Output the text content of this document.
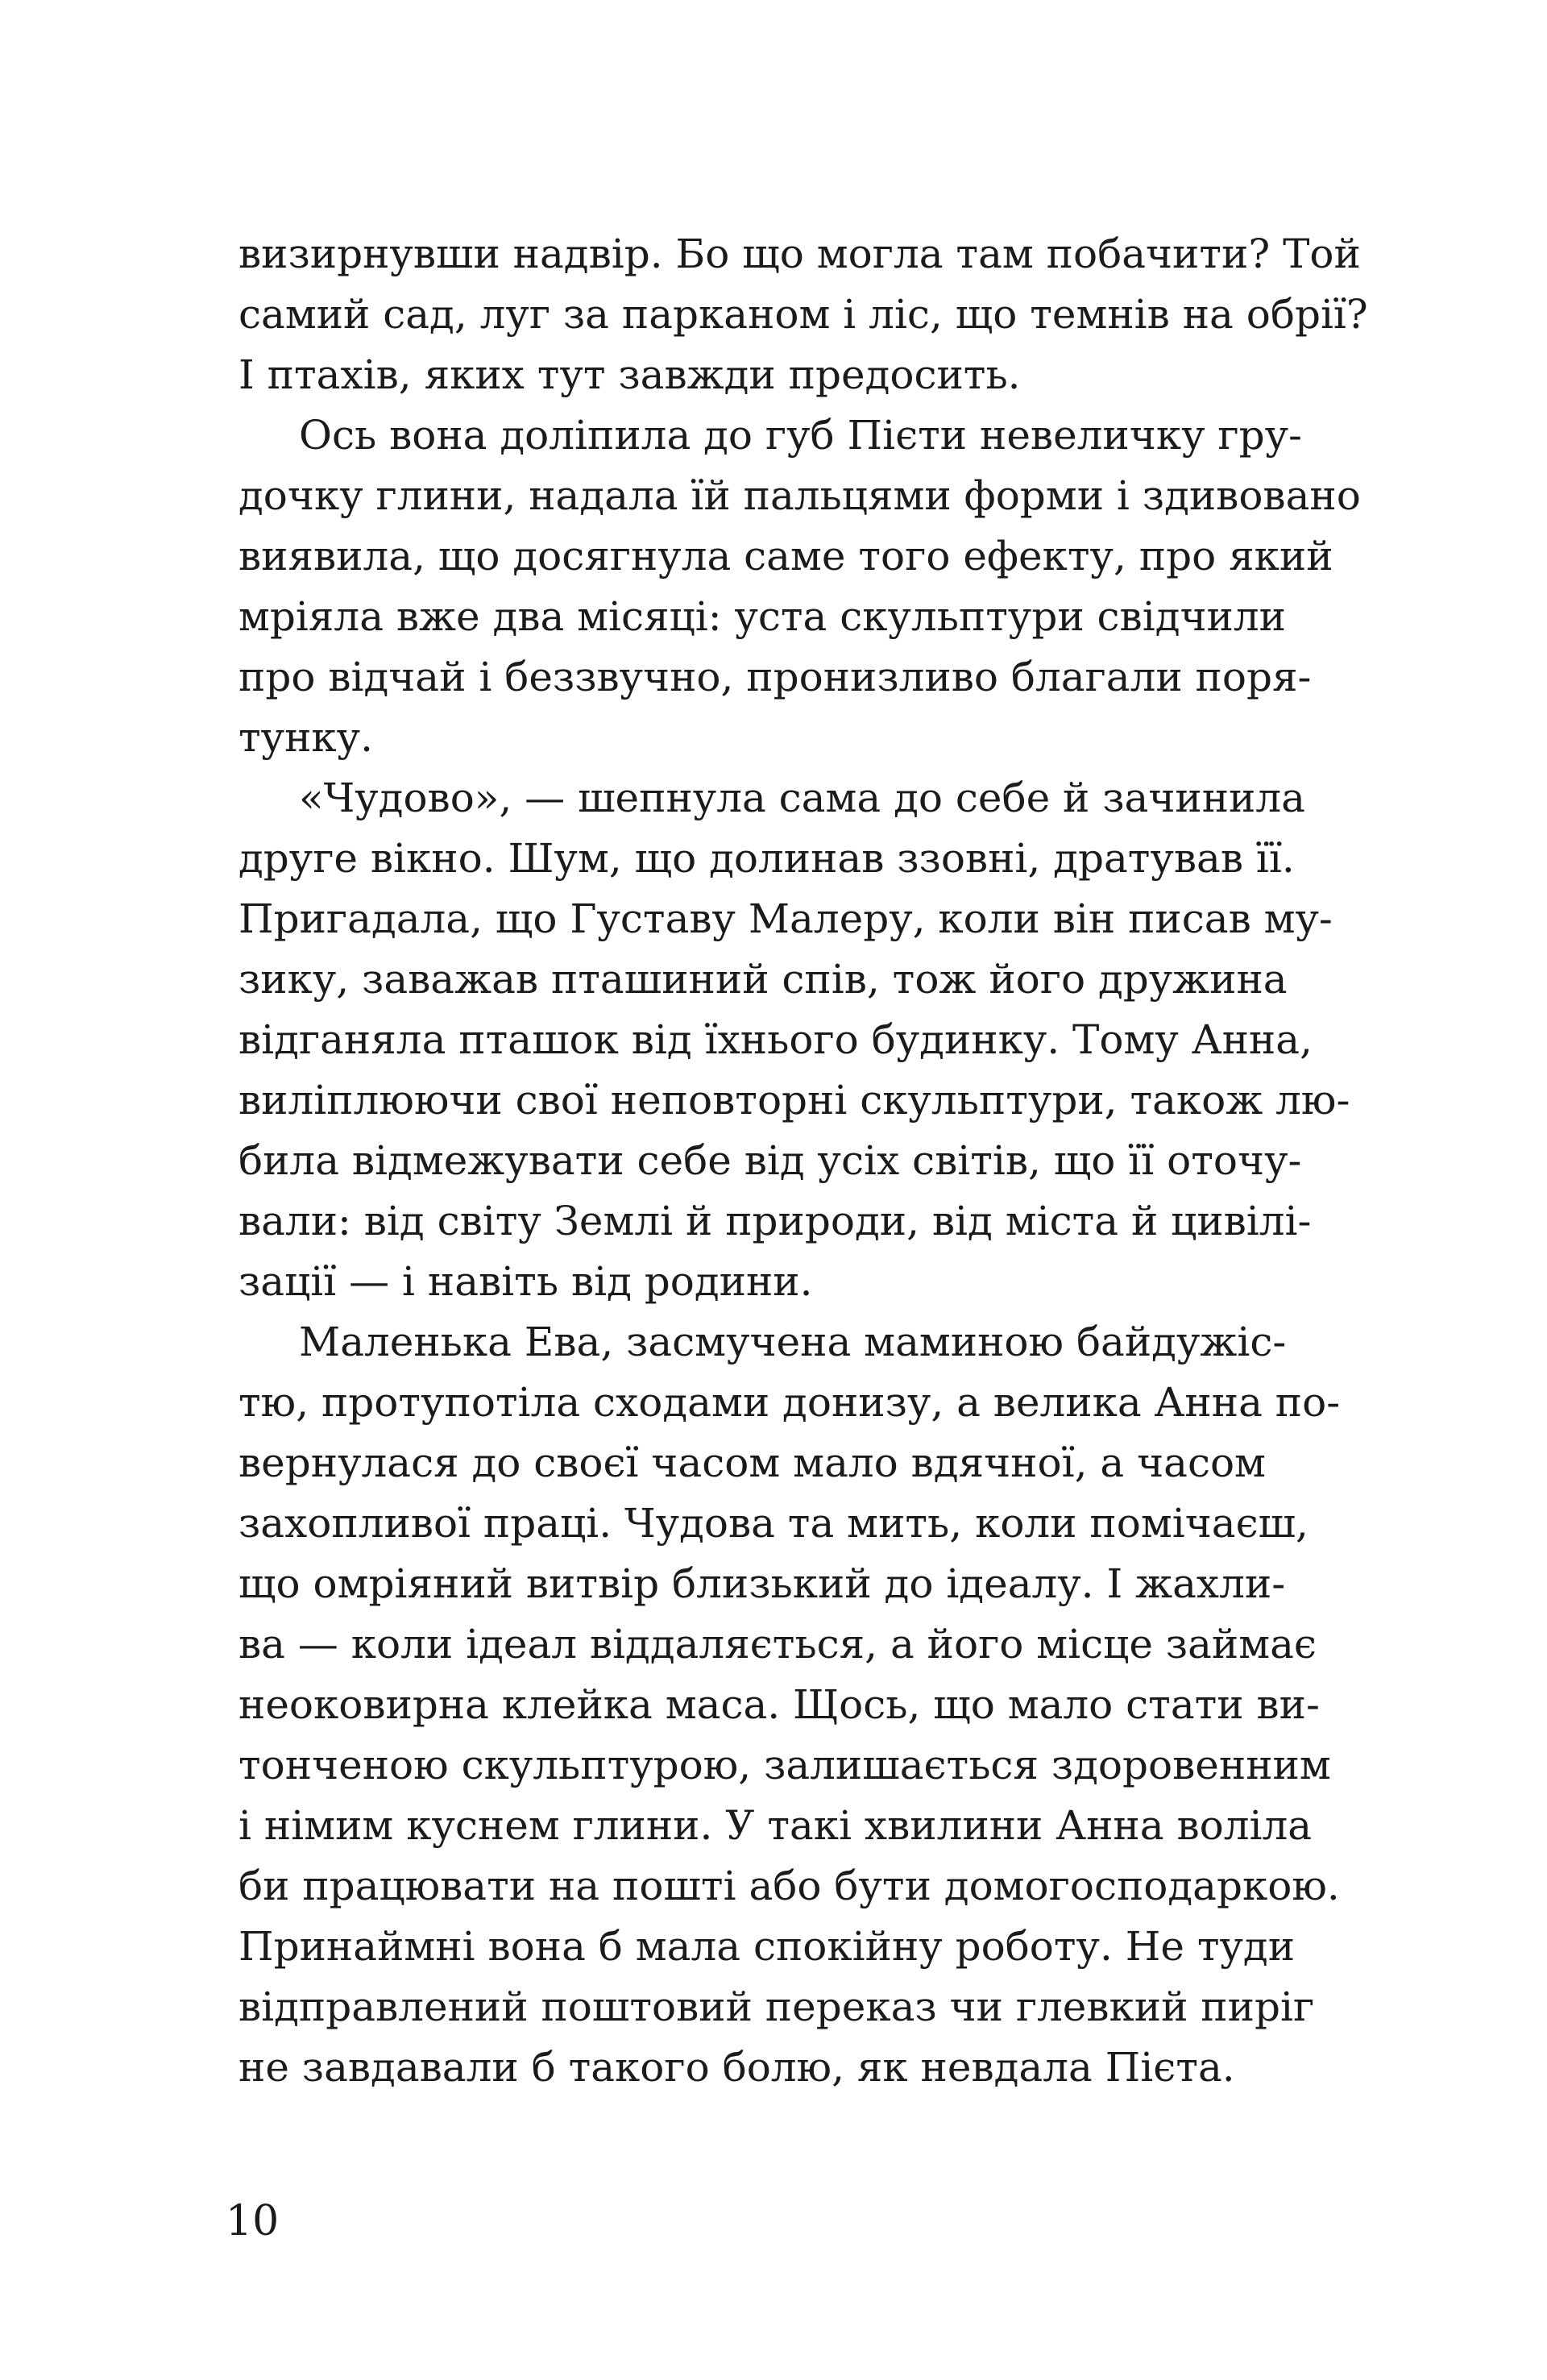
визирнувши надвір. Бо що могла там побачити? Той
самий сад, луг за парканом і ліс, що темнів на обрії?
І птахів, яких тут завжди предосить.
Ось вона доліпила до губ Пієти невеличку гру-
дочку глини, надала їй пальцями форми і здивовано
виявила, що досягнула саме того ефекту, про який
мріяла вже два місяці: уста скульптури свідчили
про відчай і беззвучно, пронизливо благали поря-
тунку.
«Чудово», — шепнула сама до себе й зачинила
друге вікно. Шум, що долинав ззовні, дратував її.
Пригадала, що Густаву Малеру, коли він писав му-
зику, заважав пташиний спів, тож його дружина
відганяла пташок від їхнього будинку. Тому Анна,
виліплюючи свої неповторні скульптури, також лю-
била відмежувати себе від усіх світів, що її оточу-
вали: від світу Землі й природи, від міста й цивілі-
зації — і навіть від родини.
Маленька Ева, засмучена маминою байдужіс-
тю, протупотіла сходами донизу, а велика Анна по-
вернулася до своєї часом мало вдячної, а часом
захопливої праці. Чудова та мить, коли помічаєш,
що омріяний витвір близький до ідеалу. І жахли-
ва — коли ідеал віддаляється, а його місце займає
неоковирна клейка маса. Щось, що мало стати ви-
тонченою скульптурою, залишається здоровенним
і німим куснем глини. У такі хвилини Анна воліла
би працювати на пошті або бути домогосподаркою.
Принаймні вона б мала спокійну роботу. Не туди
відправлений поштовий переказ чи глевкий пиріг
не завдавали б такого болю, як невдала Пієта.
10
